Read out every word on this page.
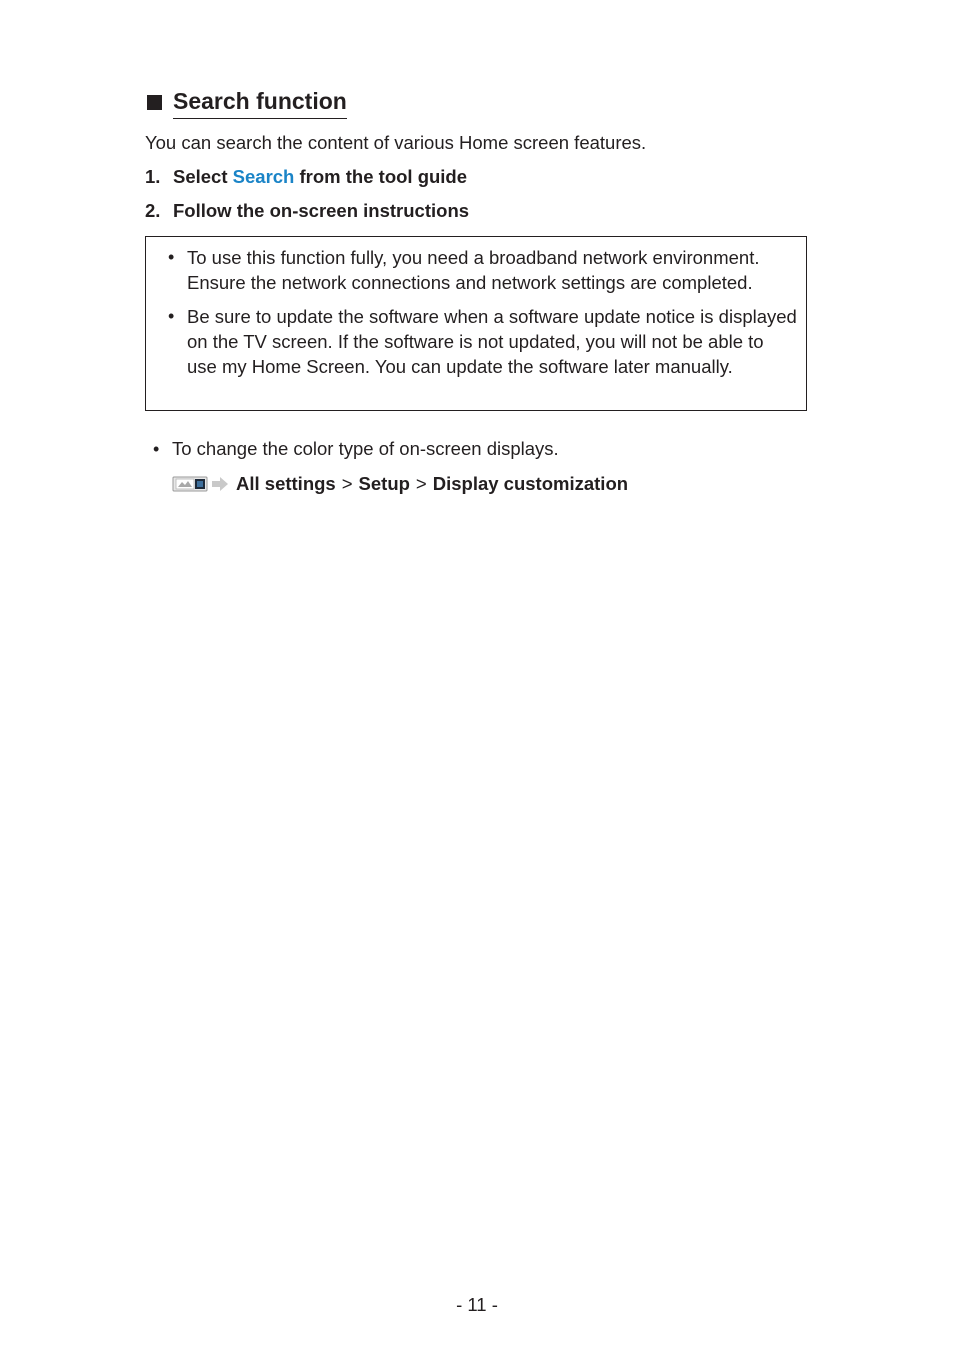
Search function
You can search the content of various Home screen features.
1. Select Search from the tool guide
2. Follow the on-screen instructions
• To use this function fully, you need a broadband network environment. Ensure the network connections and network settings are completed.
• Be sure to update the software when a software update notice is displayed on the TV screen. If the software is not updated, you will not be able to use my Home Screen. You can update the software later manually.
• To change the color type of on-screen displays.
All settings > Setup > Display customization
- 11 -
